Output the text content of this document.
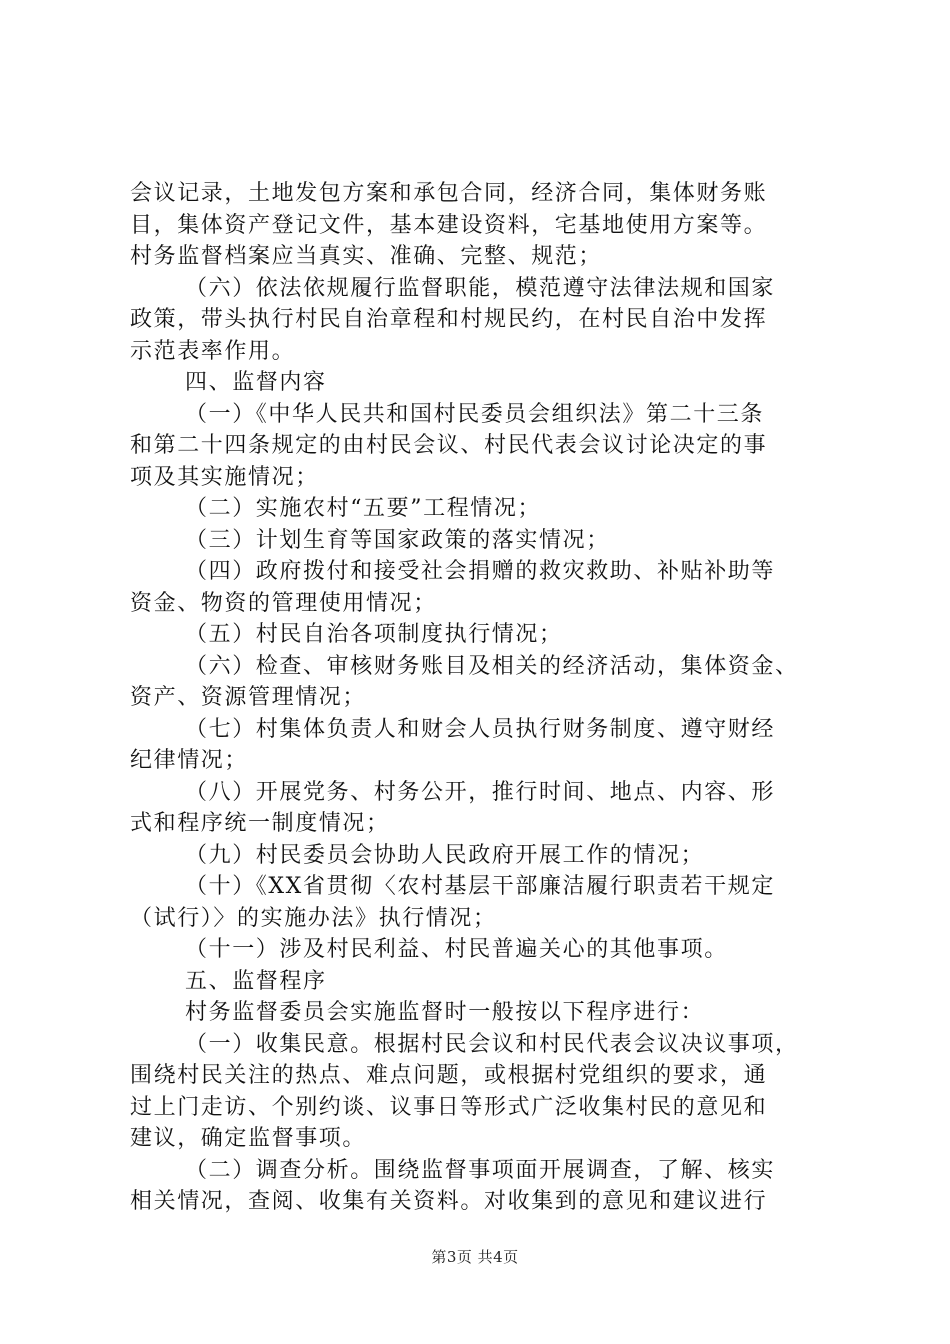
会议记录，土地发包方案和承包合同，经济合同，集体财务账
目，集体资产登记文件，基本建设资料，宅基地使用方案等。
村务监督档案应当真实、准确、完整、规范；
（六）依法依规履行监督职能，模范遵守法律法规和国家
政策，带头执行村民自治章程和村规民约，在村民自治中发挥
示范表率作用。
四、监督内容
（一）《中华人民共和国村民委员会组织法》第二十三条
和第二十四条规定的由村民会议、村民代表会议讨论决定的事
项及其实施情况；
（二）实施农村“五要”工程情况；
（三）计划生育等国家政策的落实情况；
（四）政府拨付和接受社会捐赠的救灾救助、补贴补助等
资金、物资的管理使用情况；
（五）村民自治各项制度执行情况；
（六）检查、审核财务账目及相关的经济活动，集体资金、
资产、资源管理情况；
（七）村集体负责人和财会人员执行财务制度、遵守财经
纪律情况；
（八）开展党务、村务公开，推行时间、地点、内容、形
式和程序统一制度情况；
（九）村民委员会协助人民政府开展工作的情况；
（十）《XX省贯彻〈农村基层干部廉洁履行职责若干规定
（试行）〉的实施办法》执行情况；
（十一）涉及村民利益、村民普遍关心的其他事项。
五、监督程序
村务监督委员会实施监督时一般按以下程序进行：
（一）收集民意。根据村民会议和村民代表会议决议事项，
围绕村民关注的热点、难点问题，或根据村党组织的要求，通
过上门走访、个别约谈、议事日等形式广泛收集村民的意见和
建议，确定监督事项。
（二）调查分析。围绕监督事项面开展调查，了解、核实
相关情况，查阅、收集有关资料。对收集到的意见和建议进行
第3页 共4页
